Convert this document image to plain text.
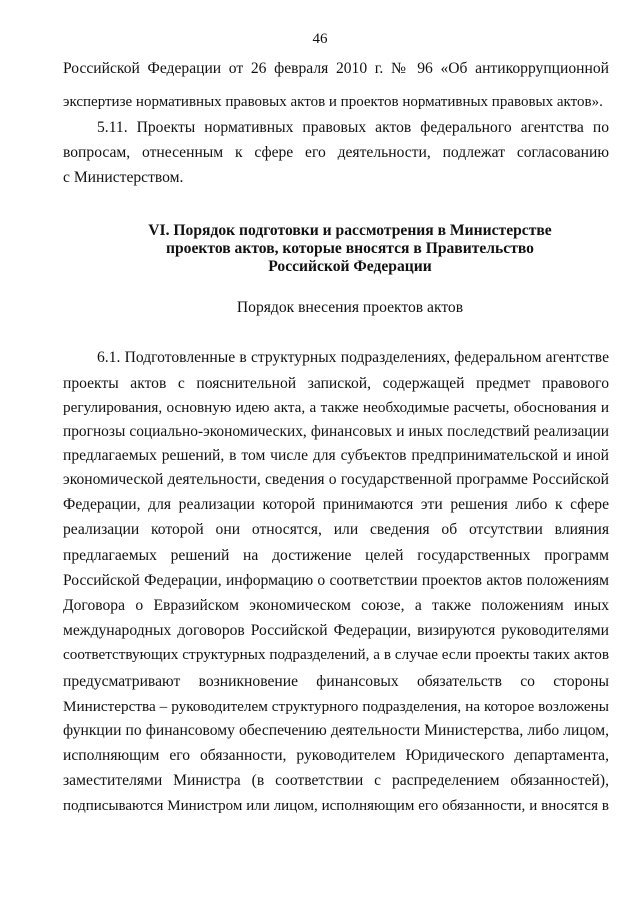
46
Российской Федерации от 26 февраля 2010 г. № 96 «Об антикоррупционной
экспертизе нормативных правовых актов и проектов нормативных правовых актов».
5.11. Проекты нормативных правовых актов федерального агентства по
вопросам, отнесенным к сфере его деятельности, подлежат согласованию
с Министерством.
VI. Порядок подготовки и рассмотрения в Министерстве
проектов актов, которые вносятся в Правительство
Российской Федерации
Порядок внесения проектов актов
6.1. Подготовленные в структурных подразделениях, федеральном агентстве
проекты актов с пояснительной запиской, содержащей предмет правового
регулирования, основную идею акта, а также необходимые расчеты, обоснования и
прогнозы социально-экономических, финансовых и иных последствий реализации
предлагаемых решений, в том числе для субъектов предпринимательской и иной
экономической деятельности, сведения о государственной программе Российской
Федерации, для реализации которой принимаются эти решения либо к сфере
реализации которой они относятся, или сведения об отсутствии влияния
предлагаемых решений на достижение целей государственных программ
Российской Федерации, информацию о соответствии проектов актов положениям
Договора о Евразийском экономическом союзе, а также положениям иных
международных договоров Российской Федерации, визируются руководителями
соответствующих структурных подразделений, а в случае если проекты таких актов
предусматривают возникновение финансовых обязательств со стороны
Министерства – руководителем структурного подразделения, на которое возложены
функции по финансовому обеспечению деятельности Министерства, либо лицом,
исполняющим его обязанности, руководителем Юридического департамента,
заместителями Министра (в соответствии с распределением обязанностей),
подписываются Министром или лицом, исполняющим его обязанности, и вносятся в
